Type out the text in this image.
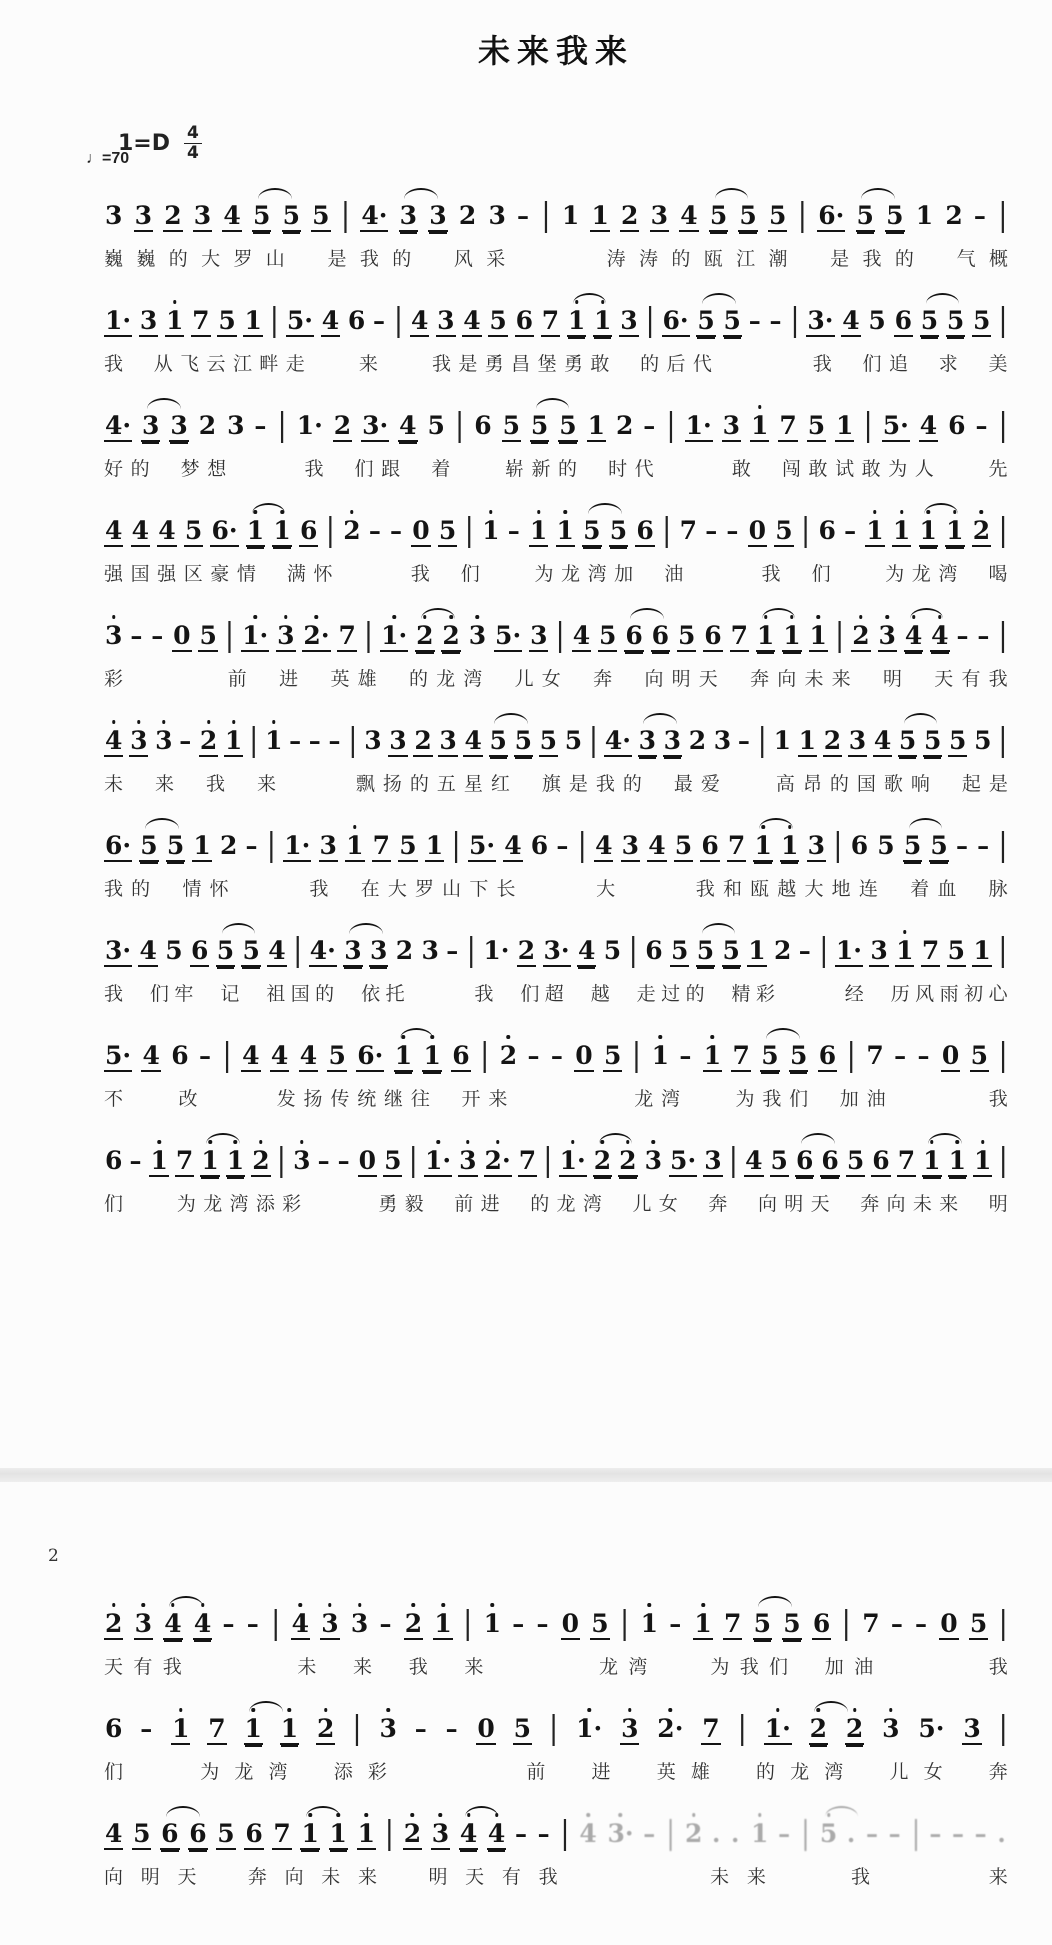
未来我来
$1=D \frac{4}{4}$
♩=70
3 3 2 3 4 5 5 5 | 4· 3 3 2 3 – | 1 1 2 3 4 5 5 5 | 6· 5 5 1 2 – |
巍 巍 的 大 罗 山 是 我 的 风 采	涛 涛 的 瓯 江 潮 是 我 的 气 概
1· 3 1 7 5 1 | 5· 4 6 – | 4 3 4 5 6 7 1 1 3 | 6· 5 5 – – | 3· 4 5 6 5 5 5 |
我 从 飞 云 江 畔 走	来	我 是 勇 昌 堡 勇 敢 的 后 代	我 们 追 求 美
4· 3 3 2 3 – | 1· 2 3· 4 5 | 6 5 5 5 1 2 – | 1· 3 1 7 5 1 | 5· 4 6 – |
好 的 梦 想	我 们 跟 着	崭 新 的 时 代	敢 闯 敢 试 敢 为 人	先
4 4 4 5 6· 1 1 6 | 2 – – 0 5 | 1 – 1 1 5 5 6 | 7 – – 0 5 | 6 – 1 1 1 1 2 |
强 国 强 区 豪 情 满 怀	我 们	为 龙 湾 加 油	我 们	为 龙 湾 喝
3 – – 0 5 | 1· 3 2· 7 | 1· 2 2 3 5· 3 | 4 5 6 6 5 6 7 1 1 1 | 2 3 4 4 – – |
彩	前 进 英 雄 的 龙 湾 儿 女 奔 向 明 天 奔 向 未 来 明 天 有 我
4 3 3 – 2 1 | 1 – – – | 3 3 2 3 4 5 5 5 5 | 4· 3 3 2 3 – | 1 1 2 3 4 5 5 5 5 |
未 来 我 来	飘 扬 的 五 星 红 旗 是 我 的 最 爱	高 昂 的 国 歌 响 起 是
6· 5 5 1 2 – | 1· 3 1 7 5 1 | 5· 4 6 – | 4 3 4 5 6 7 1 1 3 | 6 5 5 5 – – |
我 的 情 怀	我 在 大 罗 山 下 长	大	我 和 瓯 越 大 地 连 着 血 脉
3· 4 5 6 5 5 4 | 4· 3 3 2 3 – | 1· 2 3· 4 5 | 6 5 5 5 1 2 – | 1· 3 1 7 5 1 |
我 们 牢 记 祖 国 的 依 托	我 们 超 越 走 过 的 精 彩	经 历 风 雨 初 心
5· 4 6 – | 4 4 4 5 6· 1 1 6 | 2 – – 0 5 | 1 – 1 7 5 5 6 | 7 – – 0 5 |
不	改	发 扬 传 统 继 往 开 来	龙 湾	为 我 们 加 油	我
6 – 1 7 1 1 2 | 3 – – 0 5 | 1· 3 2· 7 | 1· 2 2 3 5· 3 | 4 5 6 6 5 6 7 1 1 1 |
们	为 龙 湾 添 彩	勇 毅 前 进 的 龙 湾 儿 女 奔 向 明 天 奔 向 未 来 明
2
2 3 4 4 – – | 4 3 3 – 2 1 | 1 – – 0 5 | 1 – 1 7 5 5 6 | 7 – – 0 5 |
天 有 我	未 来 我 来	龙 湾	为 我 们 加 油	我
6 – 1 7 1 1 2 | 3 – – 0 5 | 1· 3 2· 7 | 1· 2 2 3 5· 3 |
们	为 龙 湾 添 彩	前 进 英 雄 的 龙 湾 儿 女 奔
4 5 6 6 5 6 7 1 1 1 | 2 3 4 4 – – | 4 3· – | 2 . . 1 – | 5 . – – | – – – .
向 明 天	奔 向 未 来	明 天 有 我	未 来	我	来
